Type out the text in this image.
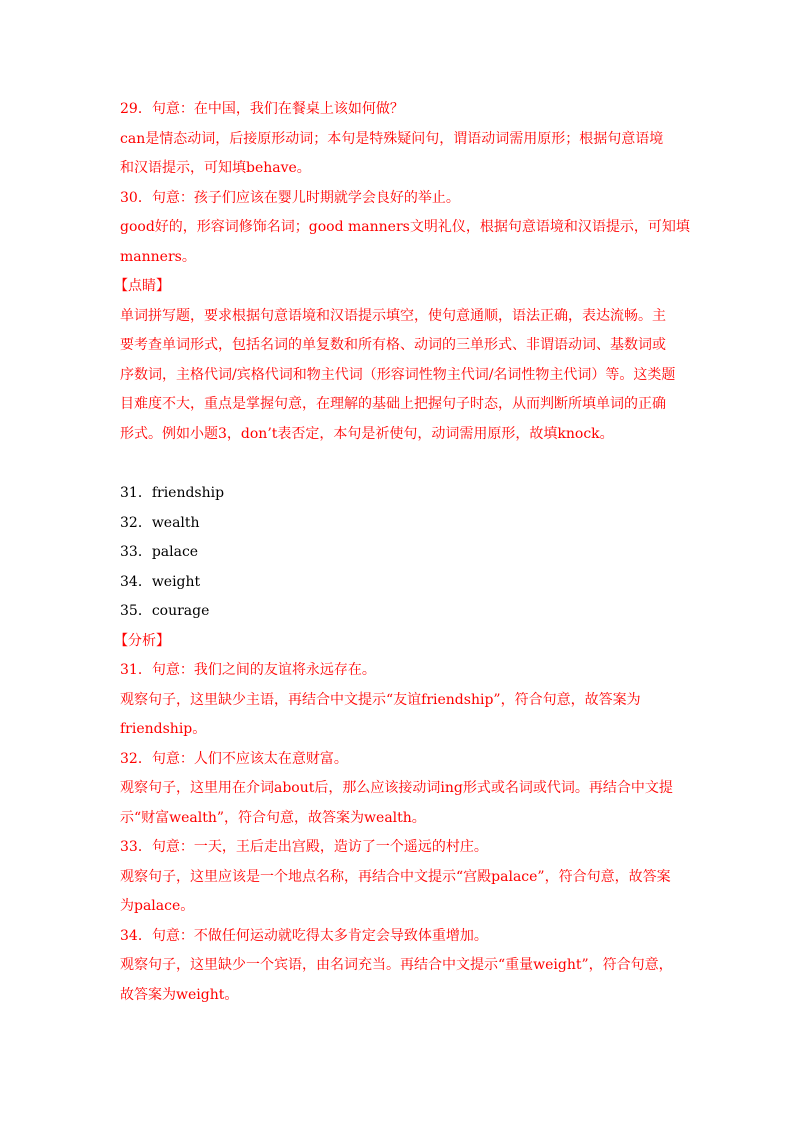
29．句意：在中国，我们在餐桌上该如何做？
can是情态动词，后接原形动词；本句是特殊疑问句，谓语动词需用原形；根据句意语境
和汉语提示，可知填behave。
30．句意：孩子们应该在婴儿时期就学会良好的举止。
good好的，形容词修饰名词；good manners文明礼仪，根据句意语境和汉语提示，可知填
manners。
【点睛】
单词拼写题，要求根据句意语境和汉语提示填空，使句意通顺，语法正确，表达流畅。主
要考查单词形式，包括名词的单复数和所有格、动词的三单形式、非谓语动词、基数词或
序数词，主格代词/宾格代词和物主代词（形容词性物主代词/名词性物主代词）等。这类题
目难度不大，重点是掌握句意，在理解的基础上把握句子时态，从而判断所填单词的正确
形式。例如小题3，don’t表否定，本句是祈使句，动词需用原形，故填knock。
31．friendship
32．wealth
33．palace
34．weight
35．courage
【分析】
31．句意：我们之间的友谊将永远存在。
观察句子，这里缺少主语，再结合中文提示“友谊friendship”，符合句意，故答案为
friendship。
32．句意：人们不应该太在意财富。
观察句子，这里用在介词about后，那么应该接动词ing形式或名词或代词。再结合中文提
示“财富wealth”，符合句意，故答案为wealth。
33．句意：一天，王后走出宫殿，造访了一个遥远的村庄。
观察句子，这里应该是一个地点名称，再结合中文提示“宫殿palace”，符合句意，故答案
为palace。
34．句意：不做任何运动就吃得太多肯定会导致体重增加。
观察句子，这里缺少一个宾语，由名词充当。再结合中文提示“重量weight”，符合句意，
故答案为weight。
